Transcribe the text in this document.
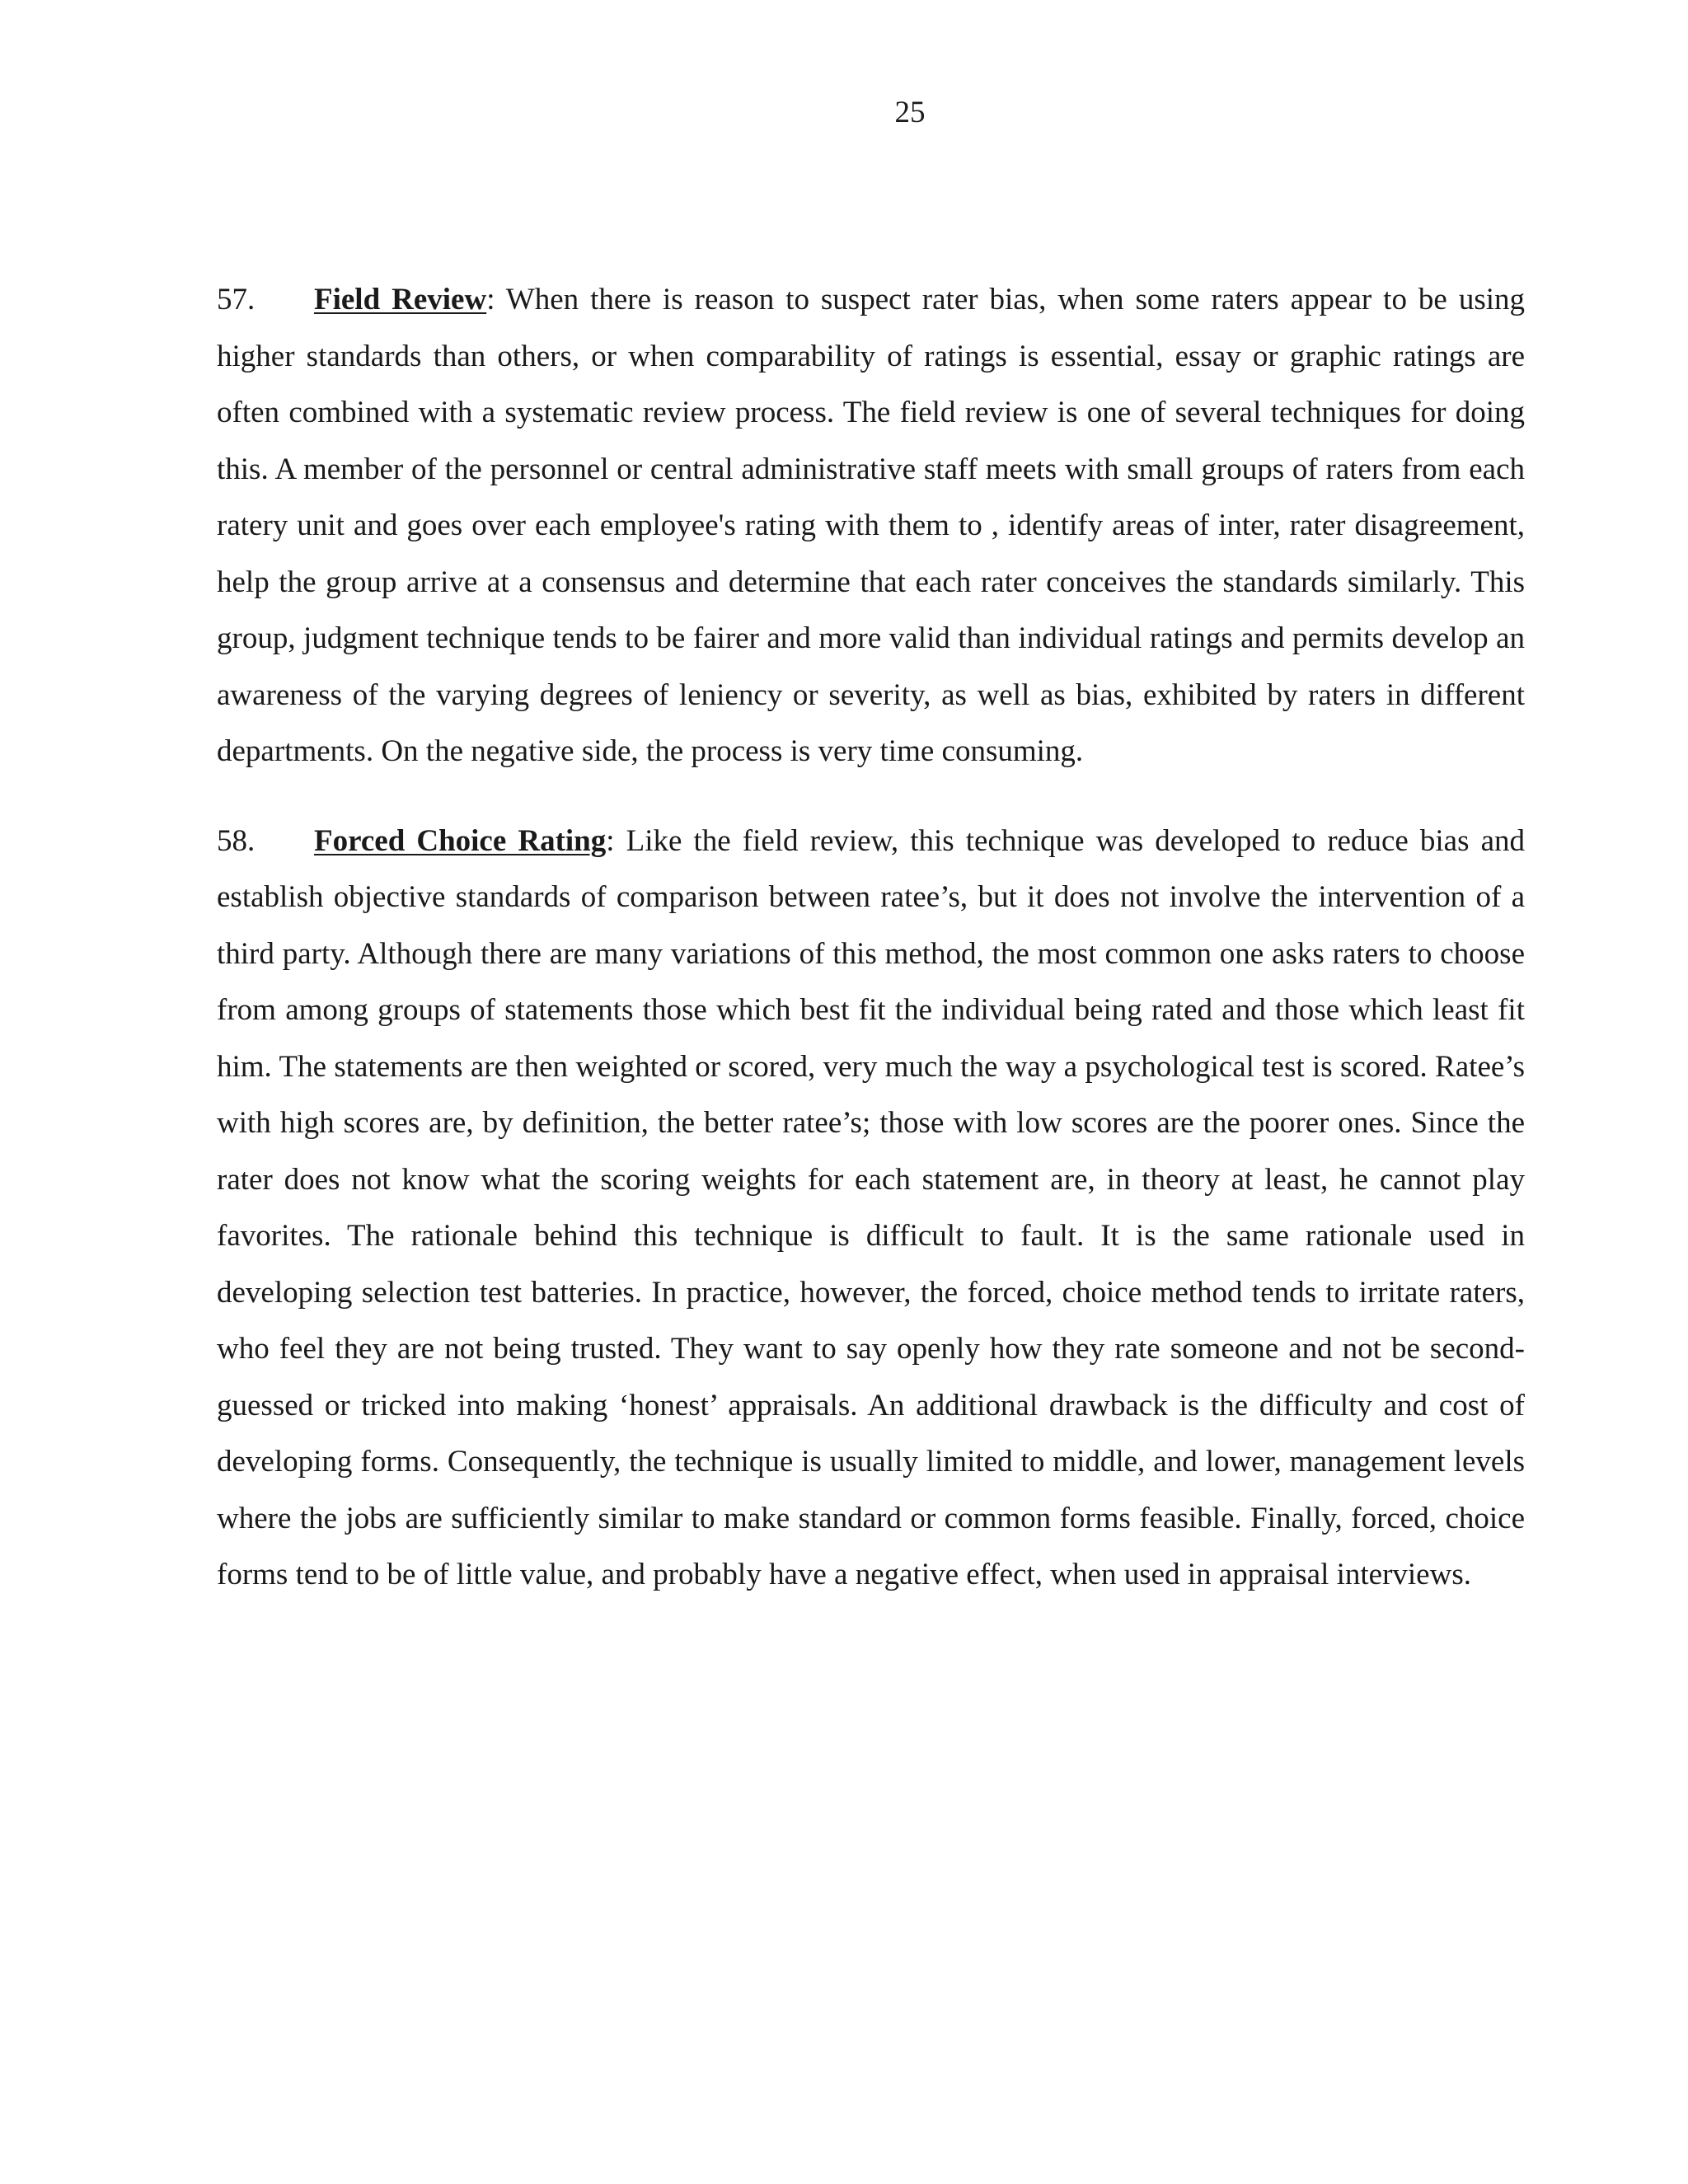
25

57. Field Review: When there is reason to suspect rater bias, when some raters appear to be using higher standards than others, or when comparability of ratings is essential, essay or graphic ratings are often combined with a systematic review process. The field review is one of several techniques for doing this. A member of the personnel or central administrative staff meets with small groups of raters from each ratery unit and goes over each employee's rating with them to , identify areas of inter, rater disagreement, help the group arrive at a consensus and determine that each rater conceives the standards similarly. This group, judgment technique tends to be fairer and more valid than individual ratings and permits develop an awareness of the varying degrees of leniency or severity, as well as bias, exhibited by raters in different departments. On the negative side, the process is very time consuming.

58. Forced Choice Rating: Like the field review, this technique was developed to reduce bias and establish objective standards of comparison between ratee’s, but it does not involve the intervention of a third party. Although there are many variations of this method, the most common one asks raters to choose from among groups of statements those which best fit the individual being rated and those which least fit him. The statements are then weighted or scored, very much the way a psychological test is scored. Ratee’s with high scores are, by definition, the better ratee’s; those with low scores are the poorer ones. Since the rater does not know what the scoring weights for each statement are, in theory at least, he cannot play favorites. The rationale behind this technique is difficult to fault. It is the same rationale used in developing selection test batteries. In practice, however, the forced, choice method tends to irritate raters, who feel they are not being trusted. They want to say openly how they rate someone and not be second-guessed or tricked into making ‘honest’ appraisals. An additional drawback is the difficulty and cost of developing forms. Consequently, the technique is usually limited to middle, and lower, management levels where the jobs are sufficiently similar to make standard or common forms feasible. Finally, forced, choice forms tend to be of little value, and probably have a negative effect, when used in appraisal interviews.
